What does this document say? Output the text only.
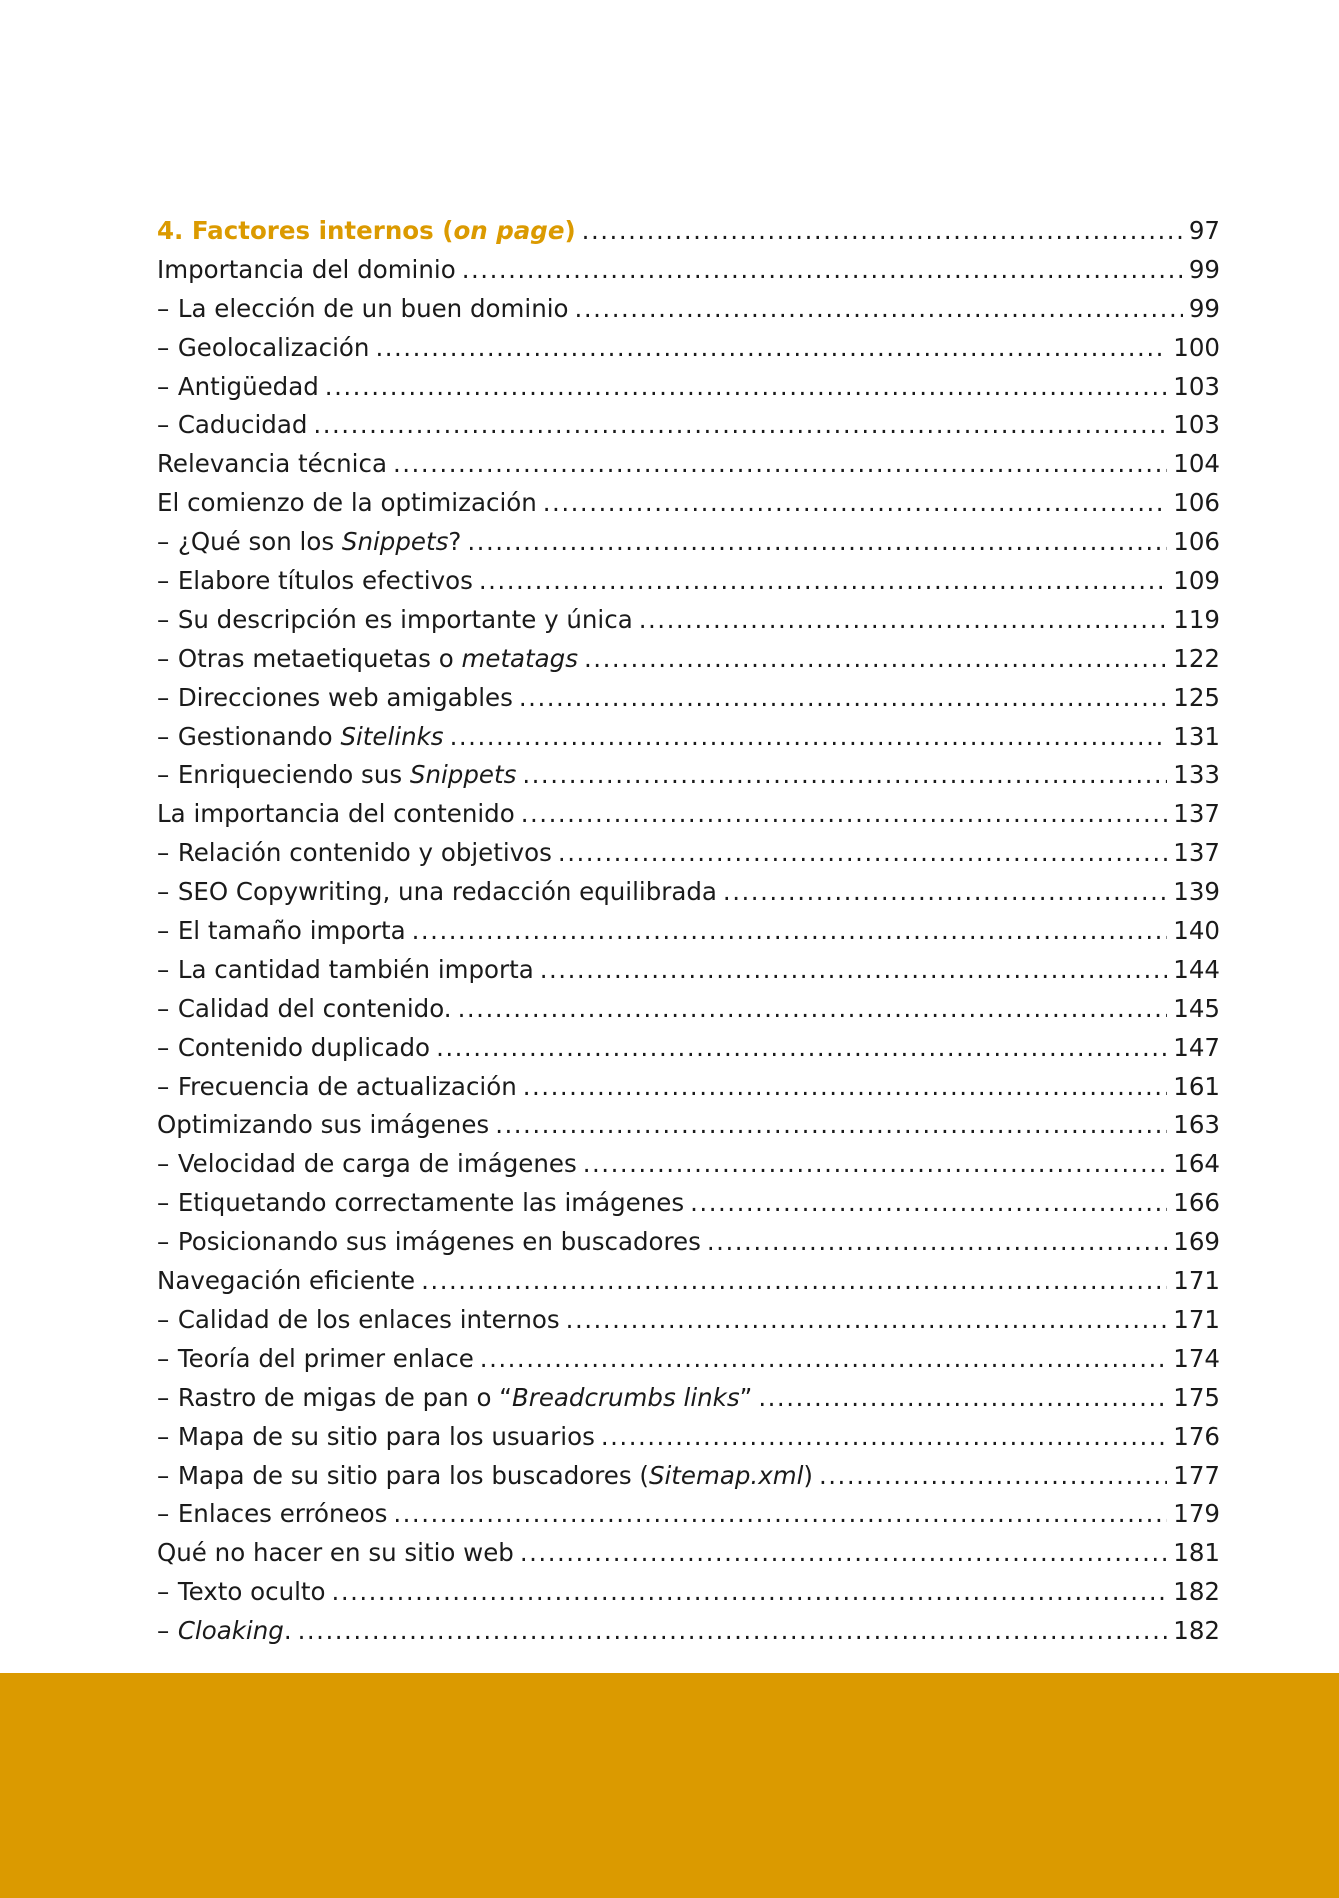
4. Factores internos (on page) .....	97
Importancia del dominio .....	99
– La elección de un buen dominio .....	99
– Geolocalización .....	100
– Antigüedad .....	103
– Caducidad .....	103
Relevancia técnica .....	104
El comienzo de la optimización .....	106
– ¿Qué son los Snippets? .....	106
– Elabore títulos efectivos .....	109
– Su descripción es importante y única .....	119
– Otras metaetiquetas o metatags .....	122
– Direcciones web amigables .....	125
– Gestionando Sitelinks .....	131
– Enriqueciendo sus Snippets .....	133
La importancia del contenido .....	137
– Relación contenido y objetivos .....	137
– SEO Copywriting, una redacción equilibrada .....	139
– El tamaño importa .....	140
– La cantidad también importa .....	144
– Calidad del contenido. .....	145
– Contenido duplicado .....	147
– Frecuencia de actualización .....	161
Optimizando sus imágenes .....	163
– Velocidad de carga de imágenes .....	164
– Etiquetando correctamente las imágenes .....	166
– Posicionando sus imágenes en buscadores .....	169
Navegación eficiente .....	171
– Calidad de los enlaces internos .....	171
– Teoría del primer enlace .....	174
– Rastro de migas de pan o “Breadcrumbs links” .....	175
– Mapa de su sitio para los usuarios .....	176
– Mapa de su sitio para los buscadores (Sitemap.xml) .....	177
– Enlaces erróneos .....	179
Qué no hacer en su sitio web .....	181
– Texto oculto .....	182
– Cloaking. .....	182
